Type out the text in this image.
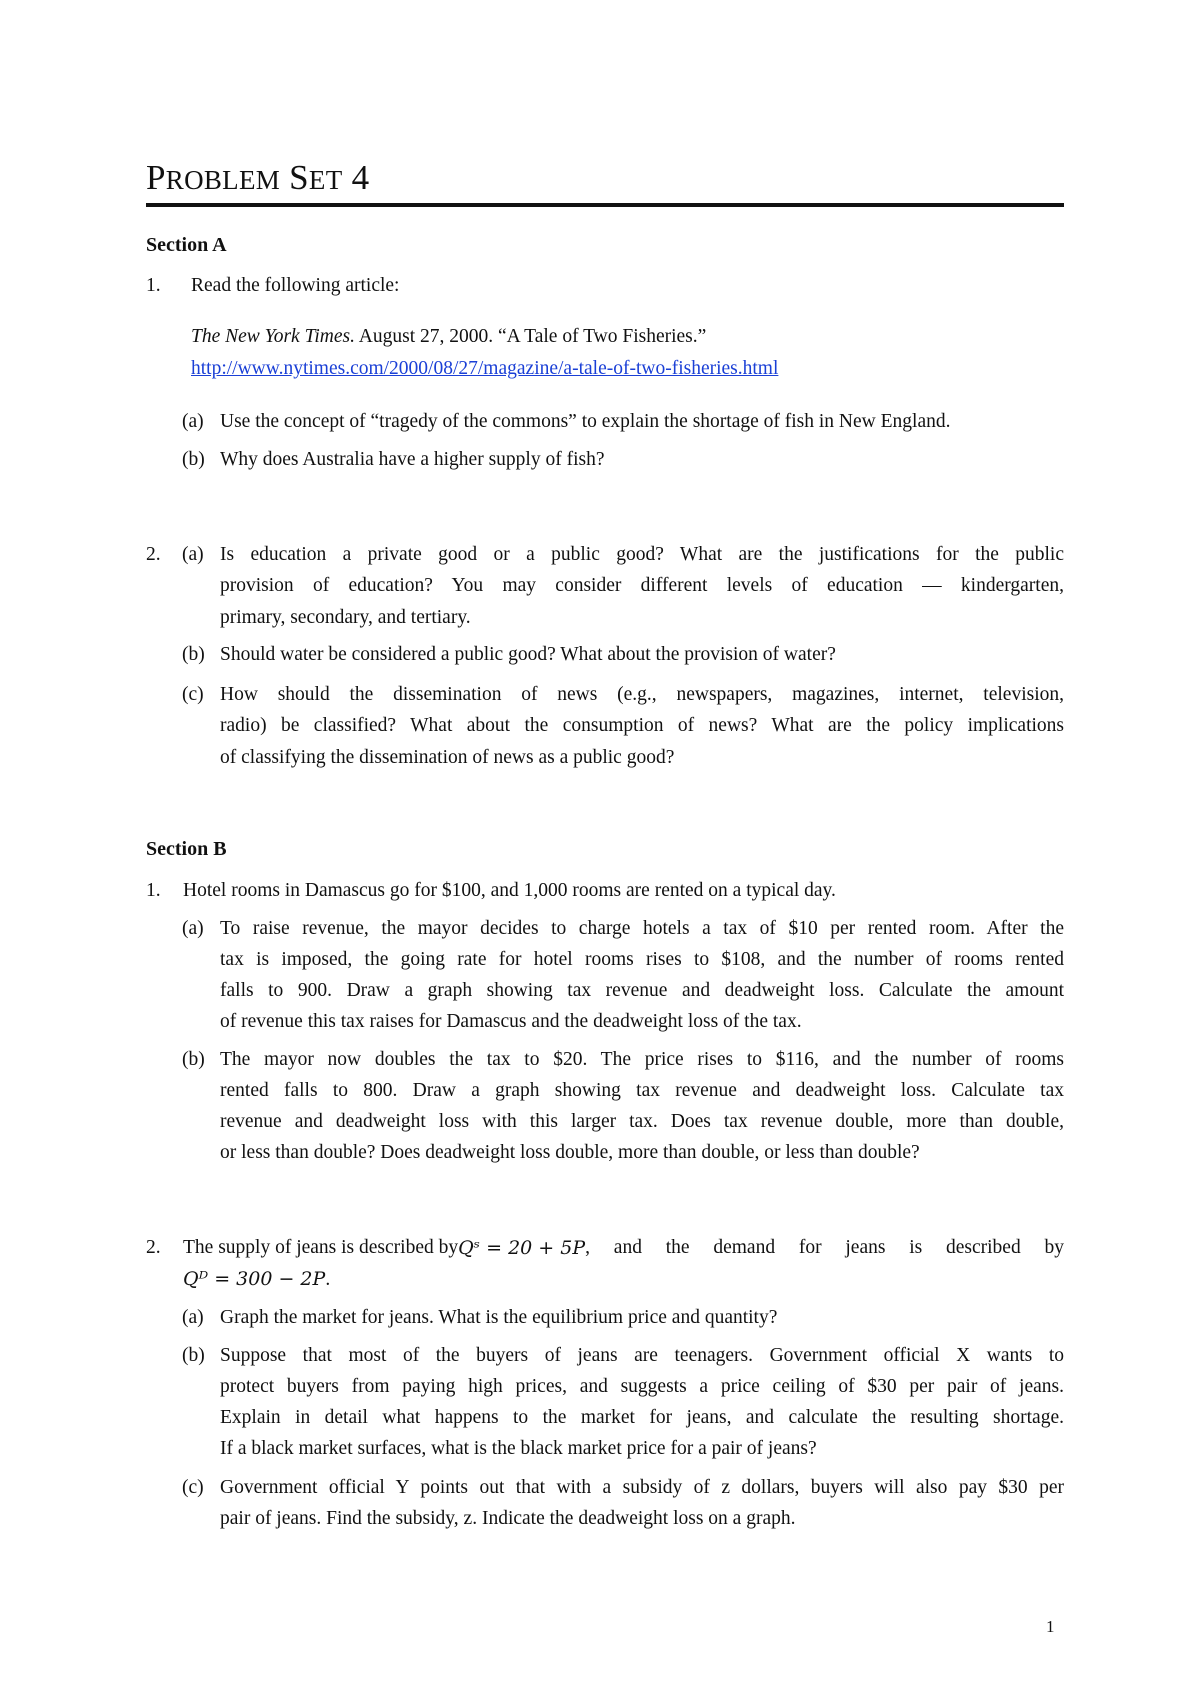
PROBLEM SET 4
Section A
1. Read the following article:
The New York Times. August 27, 2000. “A Tale of Two Fisheries.”
http://www.nytimes.com/2000/08/27/magazine/a-tale-of-two-fisheries.html
(a) Use the concept of “tragedy of the commons” to explain the shortage of fish in New England.
(b) Why does Australia have a higher supply of fish?
2. (a) Is education a private good or a public good? What are the justifications for the public
provision of education? You may consider different levels of education — kindergarten,
primary, secondary, and tertiary.
(b) Should water be considered a public good? What about the provision of water?
(c) How should the dissemination of news (e.g., newspapers, magazines, internet, television,
radio) be classified? What about the consumption of news? What are the policy implications
of classifying the dissemination of news as a public good?
Section B
1. Hotel rooms in Damascus go for $100, and 1,000 rooms are rented on a typical day.
(a) To raise revenue, the mayor decides to charge hotels a tax of $10 per rented room. After the
tax is imposed, the going rate for hotel rooms rises to $108, and the number of rooms rented
falls to 900. Draw a graph showing tax revenue and deadweight loss. Calculate the amount
of revenue this tax raises for Damascus and the deadweight loss of the tax.
(b) The mayor now doubles the tax to $20. The price rises to $116, and the number of rooms
rented falls to 800. Draw a graph showing tax revenue and deadweight loss. Calculate tax
revenue and deadweight loss with this larger tax. Does tax revenue double, more than double,
or less than double? Does deadweight loss double, more than double, or less than double?
2. The supply of jeans is described by Qˢ = 20 + 5P , and the demand for jeans is described by
Qᴰ = 300 − 2P.
(a) Graph the market for jeans. What is the equilibrium price and quantity?
(b) Suppose that most of the buyers of jeans are teenagers. Government official X wants to
protect buyers from paying high prices, and suggests a price ceiling of $30 per pair of jeans.
Explain in detail what happens to the market for jeans, and calculate the resulting shortage.
If a black market surfaces, what is the black market price for a pair of jeans?
(c) Government official Y points out that with a subsidy of z dollars, buyers will also pay $30 per
pair of jeans. Find the subsidy, z. Indicate the deadweight loss on a graph.
1
